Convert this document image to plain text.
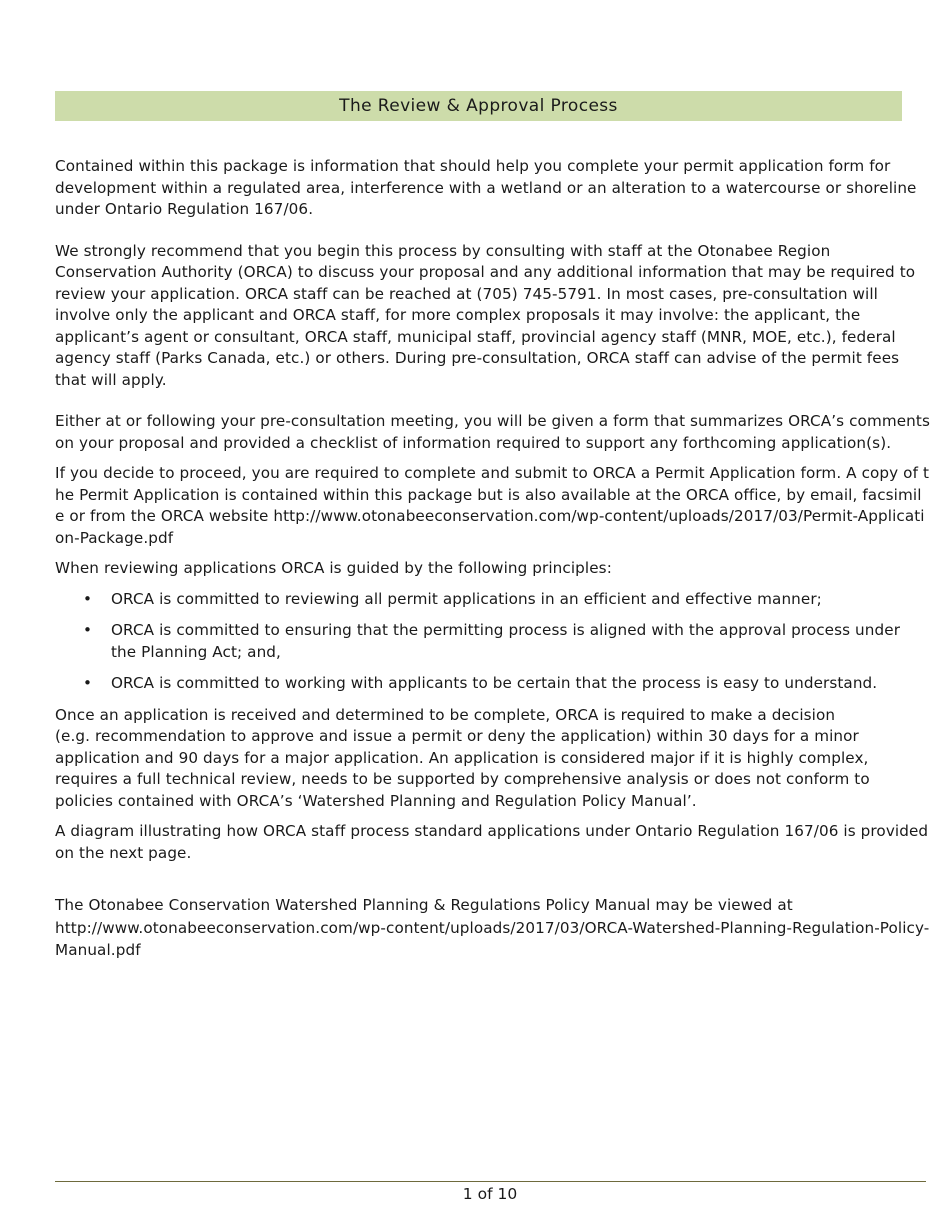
The Review & Approval Process

Contained within this package is information that should help you complete your permit application form for development within a regulated area, interference with a wetland or an alteration to a watercourse or shoreline under Ontario Regulation 167/06.

We strongly recommend that you begin this process by consulting with staff at the Otonabee Region Conservation Authority (ORCA) to discuss your proposal and any additional information that may be required to review your application. ORCA staff can be reached at (705) 745-5791. In most cases, pre-consultation will involve only the applicant and ORCA staff, for more complex proposals it may involve: the applicant, the applicant’s agent or consultant, ORCA staff, municipal staff, provincial agency staff (MNR, MOE, etc.), federal agency staff (Parks Canada, etc.) or others. During pre-consultation, ORCA staff can advise of the permit fees that will apply.

Either at or following your pre-consultation meeting, you will be given a form that summarizes ORCA’s comments on your proposal and provided a checklist of information required to support any forthcoming application(s).

If you decide to proceed, you are required to complete and submit to ORCA a Permit Application form. A copy of the Permit Application is contained within this package but is also available at the ORCA office, by email, facsimile or from the ORCA website http://www.otonabeeconservation.com/wp-content/uploads/2017/03/Permit-Application-Package.pdf

When reviewing applications ORCA is guided by the following principles:

• ORCA is committed to reviewing all permit applications in an efficient and effective manner;
• ORCA is committed to ensuring that the permitting process is aligned with the approval process under the Planning Act; and,
• ORCA is committed to working with applicants to be certain that the process is easy to understand.

Once an application is received and determined to be complete, ORCA is required to make a decision
(e.g. recommendation to approve and issue a permit or deny the application) within 30 days for a minor application and 90 days for a major application. An application is considered major if it is highly complex, requires a full technical review, needs to be supported by comprehensive analysis or does not conform to policies contained with ORCA’s ‘Watershed Planning and Regulation Policy Manual’.

A diagram illustrating how ORCA staff process standard applications under Ontario Regulation 167/06 is provided on the next page.

The Otonabee Conservation Watershed Planning & Regulations Policy Manual may be viewed at
http://www.otonabeeconservation.com/wp-content/uploads/2017/03/ORCA-Watershed-Planning-Regulation-Policy-Manual.pdf

1 of 10
